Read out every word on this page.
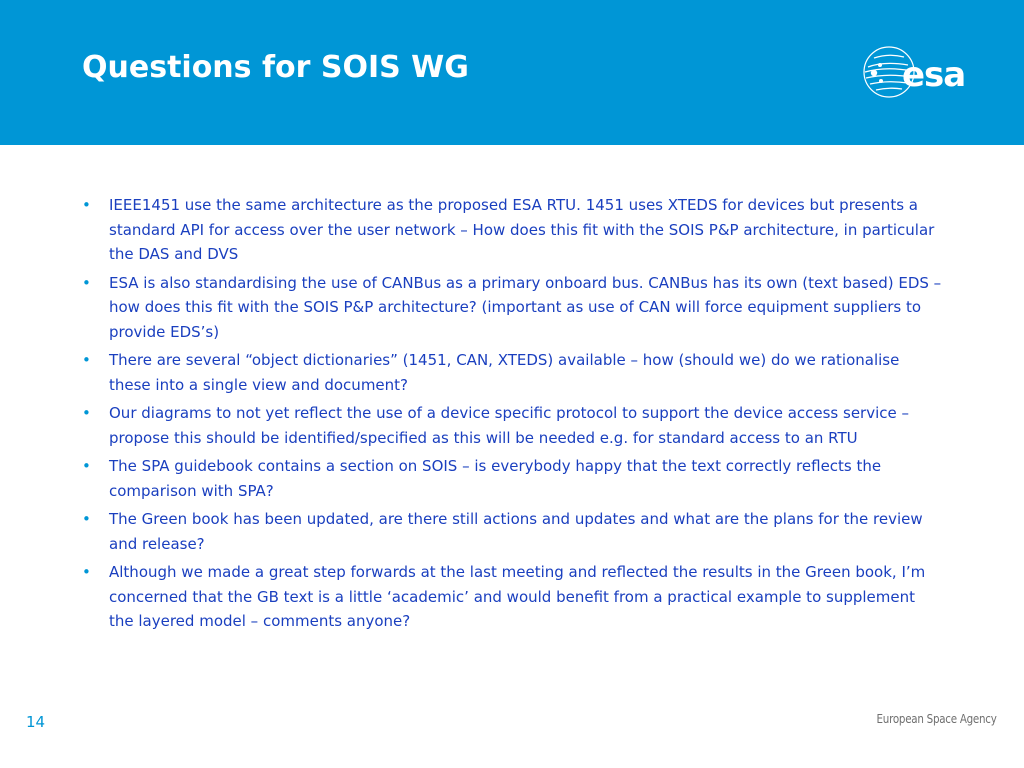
Questions for SOIS WG	esa
• IEEE1451 use the same architecture as the proposed ESA RTU. 1451 uses XTEDS for devices but presents a standard API for access over the user network – How does this fit with the SOIS P&P architecture, in particular the DAS and DVS
• ESA is also standardising the use of CANBus as a primary onboard bus. CANBus has its own (text based) EDS – how does this fit with the SOIS P&P architecture? (important as use of CAN will force equipment suppliers to provide EDS’s)
• There are several “object dictionaries” (1451, CAN, XTEDS) available – how (should we) do we rationalise these into a single view and document?
• Our diagrams to not yet reflect the use of a device specific protocol to support the device access service – propose this should be identified/specified as this will be needed e.g. for standard access to an RTU
• The SPA guidebook contains a section on SOIS – is everybody happy that the text correctly reflects the comparison with SPA?
• The Green book has been updated, are there still actions and updates and what are the plans for the review and release?
• Although we made a great step forwards at the last meeting and reflected the results in the Green book, I’m concerned that the GB text is a little ‘academic’ and would benefit from a practical example to supplement the layered model – comments anyone?
14	European Space Agency
